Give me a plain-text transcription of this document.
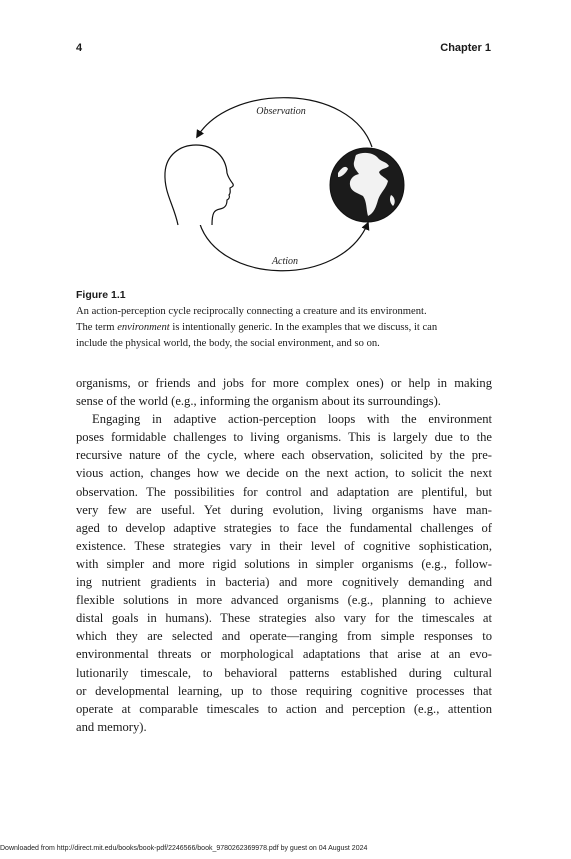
4	Chapter 1
Observation
Action
Figure 1.1

An action-perception cycle reciprocally connecting a creature and its environment.

The term environment is intentionally generic. In the examples that we discuss, it can

include the physical world, the body, the social environment, and so on.

organisms, or friends and jobs for more complex ones) or help in making
sense of the world (e.g., informing the organism about its surroundings).
Engaging in adaptive action-perception loops with the environment
poses formidable challenges to living organisms. This is largely due to the
recursive nature of the cycle, where each observation, solicited by the pre-
vious action, changes how we decide on the next action, to solicit the next
observation. The possibilities for control and adaptation are plentiful, but
very few are useful. Yet during evolution, living organisms have man-
aged to develop adaptive strategies to face the fundamental challenges of
existence. These strategies vary in their level of cognitive sophistication,
with simpler and more rigid solutions in simpler organisms (e.g., follow-
ing nutrient gradients in bacteria) and more cognitively demanding and
flexible solutions in more advanced organisms (e.g., planning to achieve
distal goals in humans). These strategies also vary for the timescales at
which they are selected and operate—ranging from simple responses to
environmental threats or morphological adaptations that arise at an evo-
lutionarily timescale, to behavioral patterns established during cultural
or developmental learning, up to those requiring cognitive processes that
operate at comparable timescales to action and perception (e.g., attention
and memory).
Downloaded from http://direct.mit.edu/books/book-pdf/2246566/book_9780262369978.pdf by guest on 04 August 2024
